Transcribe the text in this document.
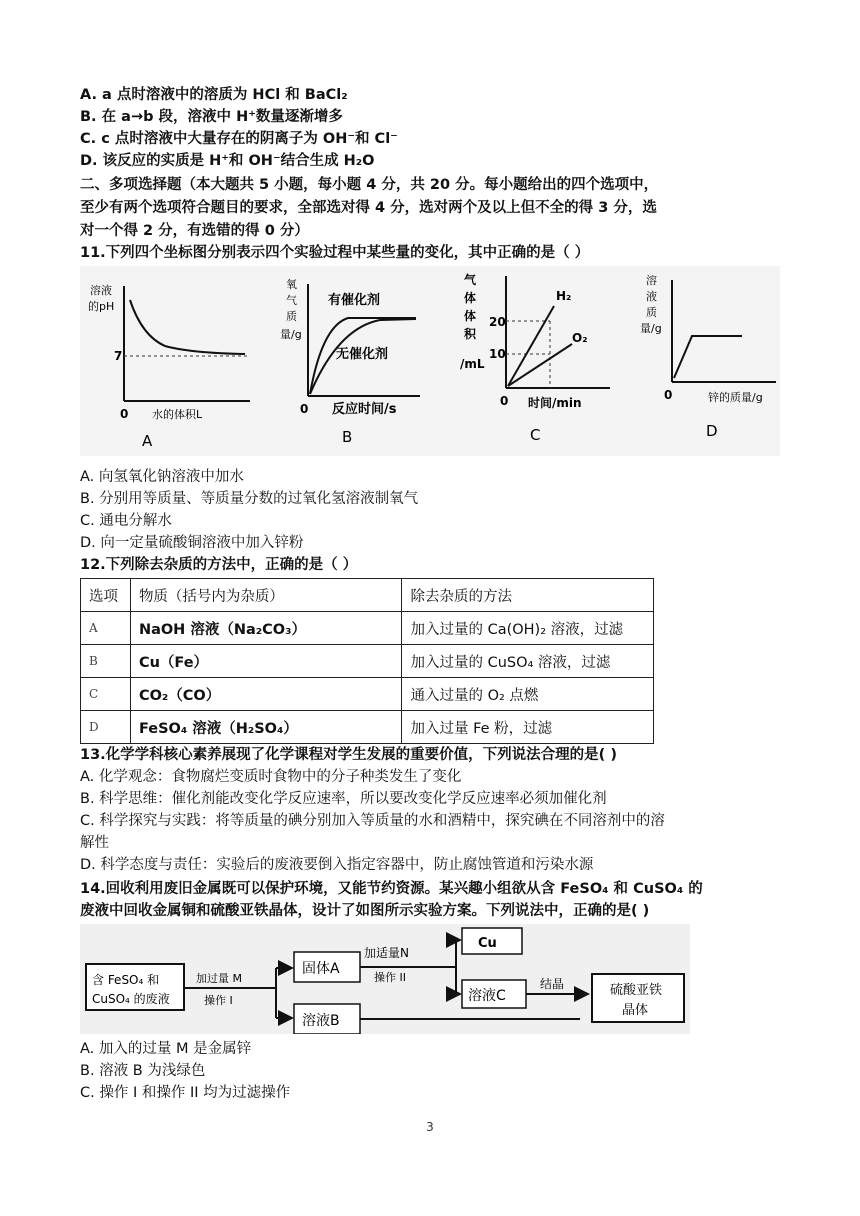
A. a 点时溶液中的溶质为 HCl 和 BaCl₂
B. 在 a→b 段，溶液中 H⁺数量逐渐增多
C. c 点时溶液中大量存在的阴离子为 OH⁻和 Cl⁻
D. 该反应的实质是 H⁺和 OH⁻结合生成 H₂O
二、多项选择题（本大题共 5 小题，每小题 4 分，共 20 分。每小题给出的四个选项中，
至少有两个选项符合题目的要求，全部选对得 4 分，选对两个及以上但不全的得 3 分，选
对一个得 2 分，有选错的得 0 分）
11.下列四个坐标图分别表示四个实验过程中某些量的变化，其中正确的是（ ）
溶液
的pH
7
0 水的体积L
A
氧
气
质
量/g
有催化剂
无催化剂
0 反应时间/s
B
气
体
体
积
/mL
20
10
H₂
O₂
0 时间/min
C
溶
液
质
量/g
0	锌的质量/g
D
A. 向氢氧化钠溶液中加水
B. 分别用等质量、等质量分数的过氧化氢溶液制氧气
C. 通电分解水
D. 向一定量硫酸铜溶液中加入锌粉
12.下列除去杂质的方法中，正确的是（ ）
选项	物质（括号内为杂质）	除去杂质的方法
A	NaOH 溶液（Na₂CO₃）	加入过量的 Ca(OH)₂ 溶液，过滤
B	Cu（Fe）	加入过量的 CuSO₄ 溶液，过滤
C	CO₂（CO）	通入过量的 O₂ 点燃
D	FeSO₄ 溶液（H₂SO₄）	加入过量 Fe 粉，过滤
13.化学学科核心素养展现了化学课程对学生发展的重要价值，下列说法合理的是( )
A. 化学观念：食物腐烂变质时食物中的分子种类发生了变化
B. 科学思维：催化剂能改变化学反应速率，所以要改变化学反应速率必须加催化剂
C. 科学探究与实践：将等质量的碘分别加入等质量的水和酒精中，探究碘在不同溶剂中的溶
解性
D. 科学态度与责任：实验后的废液要倒入指定容器中，防止腐蚀管道和污染水源
14.回收利用废旧金属既可以保护环境，又能节约资源。某兴趣小组欲从含 FeSO₄ 和 CuSO₄ 的
废液中回收金属铜和硫酸亚铁晶体，设计了如图所示实验方案。下列说法中，正确的是( )
含 FeSO₄ 和
CuSO₄ 的废液
加过量 M
操作 I
固体A
溶液B
加适量N
操作 II
Cu
溶液C
结晶	硫酸亚铁
晶体
A. 加入的过量 M 是金属锌
B. 溶液 B 为浅绿色
C. 操作 I 和操作 II 均为过滤操作
3
